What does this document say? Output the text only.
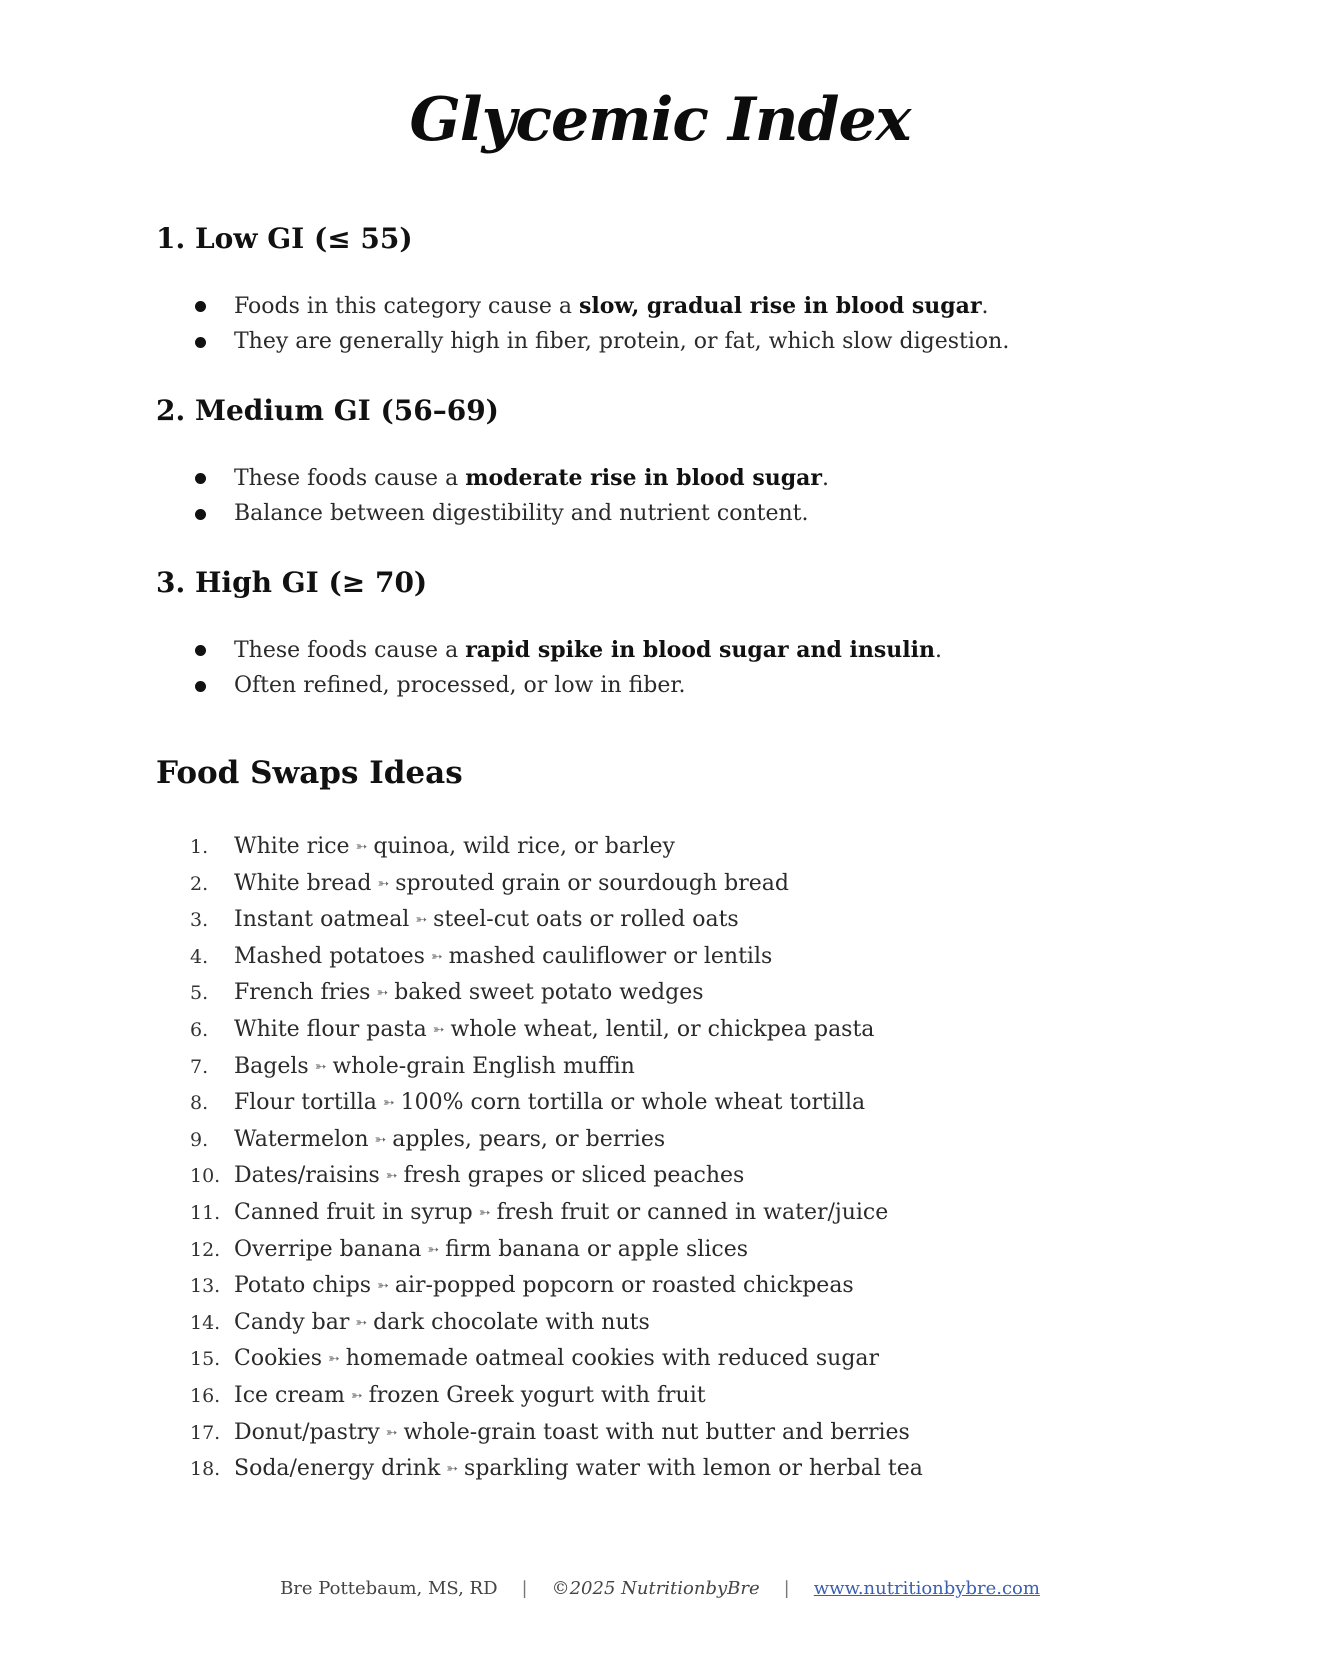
Glycemic Index
1. Low GI (≤ 55)
Foods in this category cause a slow, gradual rise in blood sugar.
They are generally high in fiber, protein, or fat, which slow digestion.
2. Medium GI (56–69)
These foods cause a moderate rise in blood sugar.
Balance between digestibility and nutrient content.
3. High GI (≥ 70)
These foods cause a rapid spike in blood sugar and insulin.
Often refined, processed, or low in fiber.
Food Swaps Ideas
1.	White rice ➳ quinoa, wild rice, or barley
2.	White bread ➳ sprouted grain or sourdough bread
3.	Instant oatmeal ➳ steel-cut oats or rolled oats
4.	Mashed potatoes ➳ mashed cauliflower or lentils
5.	French fries ➳ baked sweet potato wedges
6.	White flour pasta ➳ whole wheat, lentil, or chickpea pasta
7.	Bagels ➳ whole-grain English muffin
8.	Flour tortilla ➳ 100% corn tortilla or whole wheat tortilla
9.	Watermelon ➳ apples, pears, or berries
10. Dates/raisins ➳ fresh grapes or sliced peaches
11. Canned fruit in syrup ➳ fresh fruit or canned in water/juice
12. Overripe banana ➳ firm banana or apple slices
13. Potato chips ➳ air-popped popcorn or roasted chickpeas
14. Candy bar ➳ dark chocolate with nuts
15. Cookies ➳ homemade oatmeal cookies with reduced sugar
16. Ice cream ➳ frozen Greek yogurt with fruit
17. Donut/pastry ➳ whole-grain toast with nut butter and berries
18. Soda/energy drink ➳ sparkling water with lemon or herbal tea
Bre Pottebaum, MS, RD | ©2025 NutritionbyBre | www.nutritionbybre.com
